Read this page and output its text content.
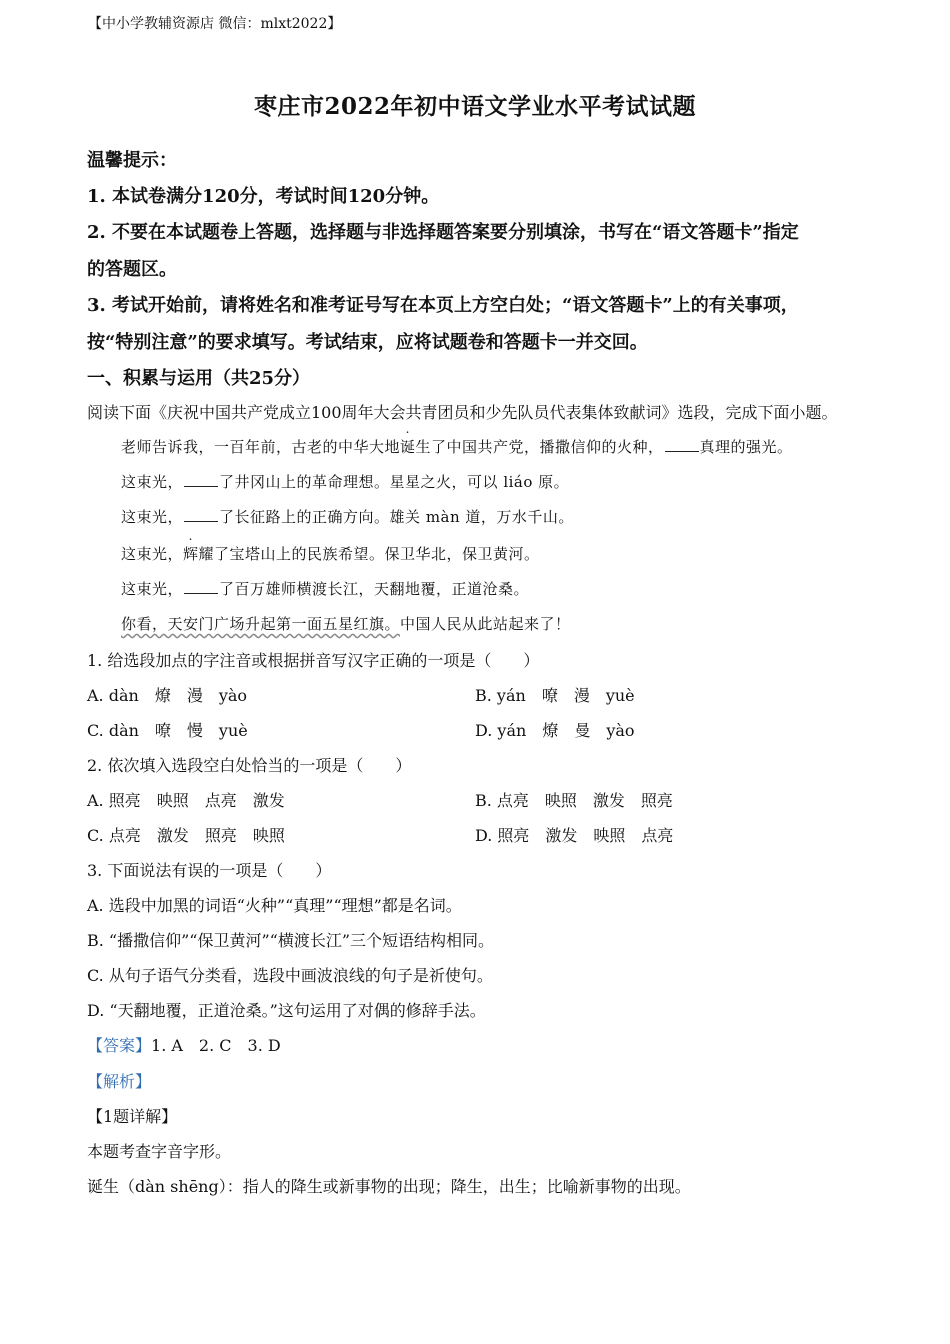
【中小学教辅资源店 微信：mlxt2022】
枣庄市2022年初中语文学业水平考试试题
温馨提示：
1. 本试卷满分120分，考试时间120分钟。
2. 不要在本试题卷上答题，选择题与非选择题答案要分别填涂，书写在“语文答题卡”指定
的答题区。
3. 考试开始前，请将姓名和准考证号写在本页上方空白处；“语文答题卡”上的有关事项，
按“特别注意”的要求填写。考试结束，应将试题卷和答题卡一并交回。
一、积累与运用（共25分）
阅读下面《庆祝中国共产党成立100周年大会共青团员和少先队员代表集体致献词》选段，完成下面小题。
老师告诉我，一百年前，古老的中华大地诞生了中国共产党，播撒信仰的火种， 真理的强光。
这束光， 了井冈山上的革命理想。星星之火，可以 liáo 原。
这束光， 了长征路上的正确方向。雄关 màn 道，万水千山。
这束光，辉耀了宝塔山上的民族希望。保卫华北，保卫黄河。
这束光， 了百万雄师横渡长江，天翻地覆，正道沧桑。
你看，天安门广场升起第一面五星红旗。中国人民从此站起来了！
1. 给选段加点的字注音或根据拼音写汉字正确的一项是（　　）
A. dàn　燎　漫　yào	B. yán　嘹　漫　yuè
C. dàn　嘹　慢　yuè	D. yán　燎　曼　yào
2. 依次填入选段空白处恰当的一项是（　　）
A. 照亮　映照　点亮　激发	B. 点亮　映照　激发　照亮
C. 点亮　激发　照亮　映照	D. 照亮　激发　映照　点亮
3. 下面说法有误的一项是（　　）
A. 选段中加黑的词语“火种”“真理”“理想”都是名词。
B. “播撒信仰”“保卫黄河”“横渡长江”三个短语结构相同。
C. 从句子语气分类看，选段中画波浪线的句子是祈使句。
D. “天翻地覆，正道沧桑。”这句运用了对偶的修辞手法。
【答案】1. A　2. C　3. D
【解析】
【1题详解】
本题考查字音字形。
诞生（dàn shēng）：指人的降生或新事物的出现；降生，出生；比喻新事物的出现。
